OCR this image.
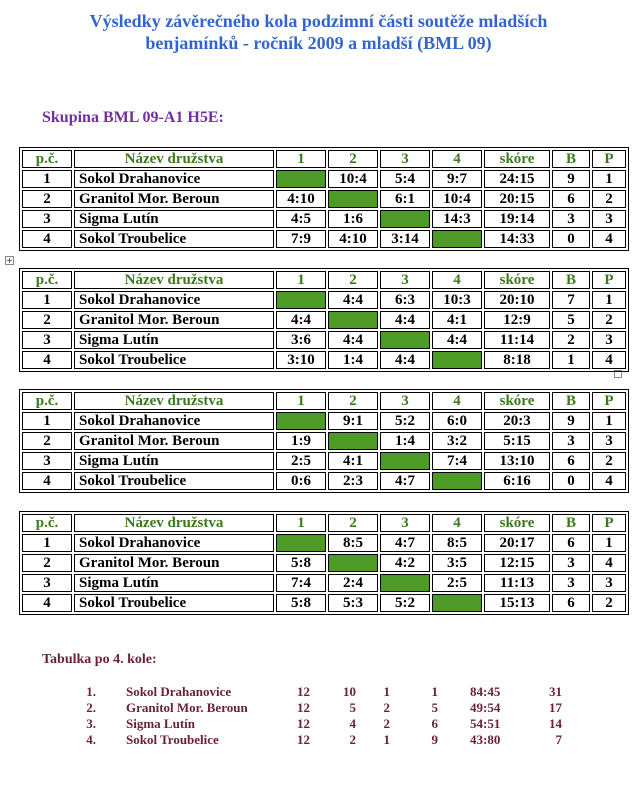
Výsledky závěrečného kola podzimní části soutěže mladších
benjamínků - ročník 2009 a mladší (BML 09)
Skupina BML 09-A1 H5E:
+
p.č.	Název družstva	1	2	3	4	skóre	B	P
1	Sokol Drahanovice		10:4	5:4	9:7	24:15	9	1
2	Granitol Mor. Beroun	4:10		6:1	10:4	20:15	6	2
3	Sigma Lutín	4:5	1:6		14:3	19:14	3	3
4	Sokol Troubelice	7:9	4:10	3:14		14:33	0	4
p.č.	Název družstva	1	2	3	4	skóre	B	P
1	Sokol Drahanovice		4:4	6:3	10:3	20:10	7	1
2	Granitol Mor. Beroun	4:4		4:4	4:1	12:9	5	2
3	Sigma Lutín	3:6	4:4		4:4	11:14	2	3
4	Sokol Troubelice	3:10	1:4	4:4		8:18	1	4
p.č.	Název družstva	1	2	3	4	skóre	B	P
1	Sokol Drahanovice		9:1	5:2	6:0	20:3	9	1
2	Granitol Mor. Beroun	1:9		1:4	3:2	5:15	3	3
3	Sigma Lutín	2:5	4:1		7:4	13:10	6	2
4	Sokol Troubelice	0:6	2:3	4:7		6:16	0	4
p.č.	Název družstva	1	2	3	4	skóre	B	P
1	Sokol Drahanovice		8:5	4:7	8:5	20:17	6	1
2	Granitol Mor. Beroun	5:8		4:2	3:5	12:15	3	4
3	Sigma Lutín	7:4	2:4		2:5	11:13	3	3
4	Sokol Troubelice	5:8	5:3	5:2		15:13	6	2
Tabulka po 4. kole:
1. Sokol Drahanovice	12	10	1	1 84:45	31
2. Granitol Mor. Beroun	12	5	2	5 49:54	17
3. Sigma Lutín	12	4	2	6 54:51	14
4. Sokol Troubelice	12	2	1	9 43:80	7
